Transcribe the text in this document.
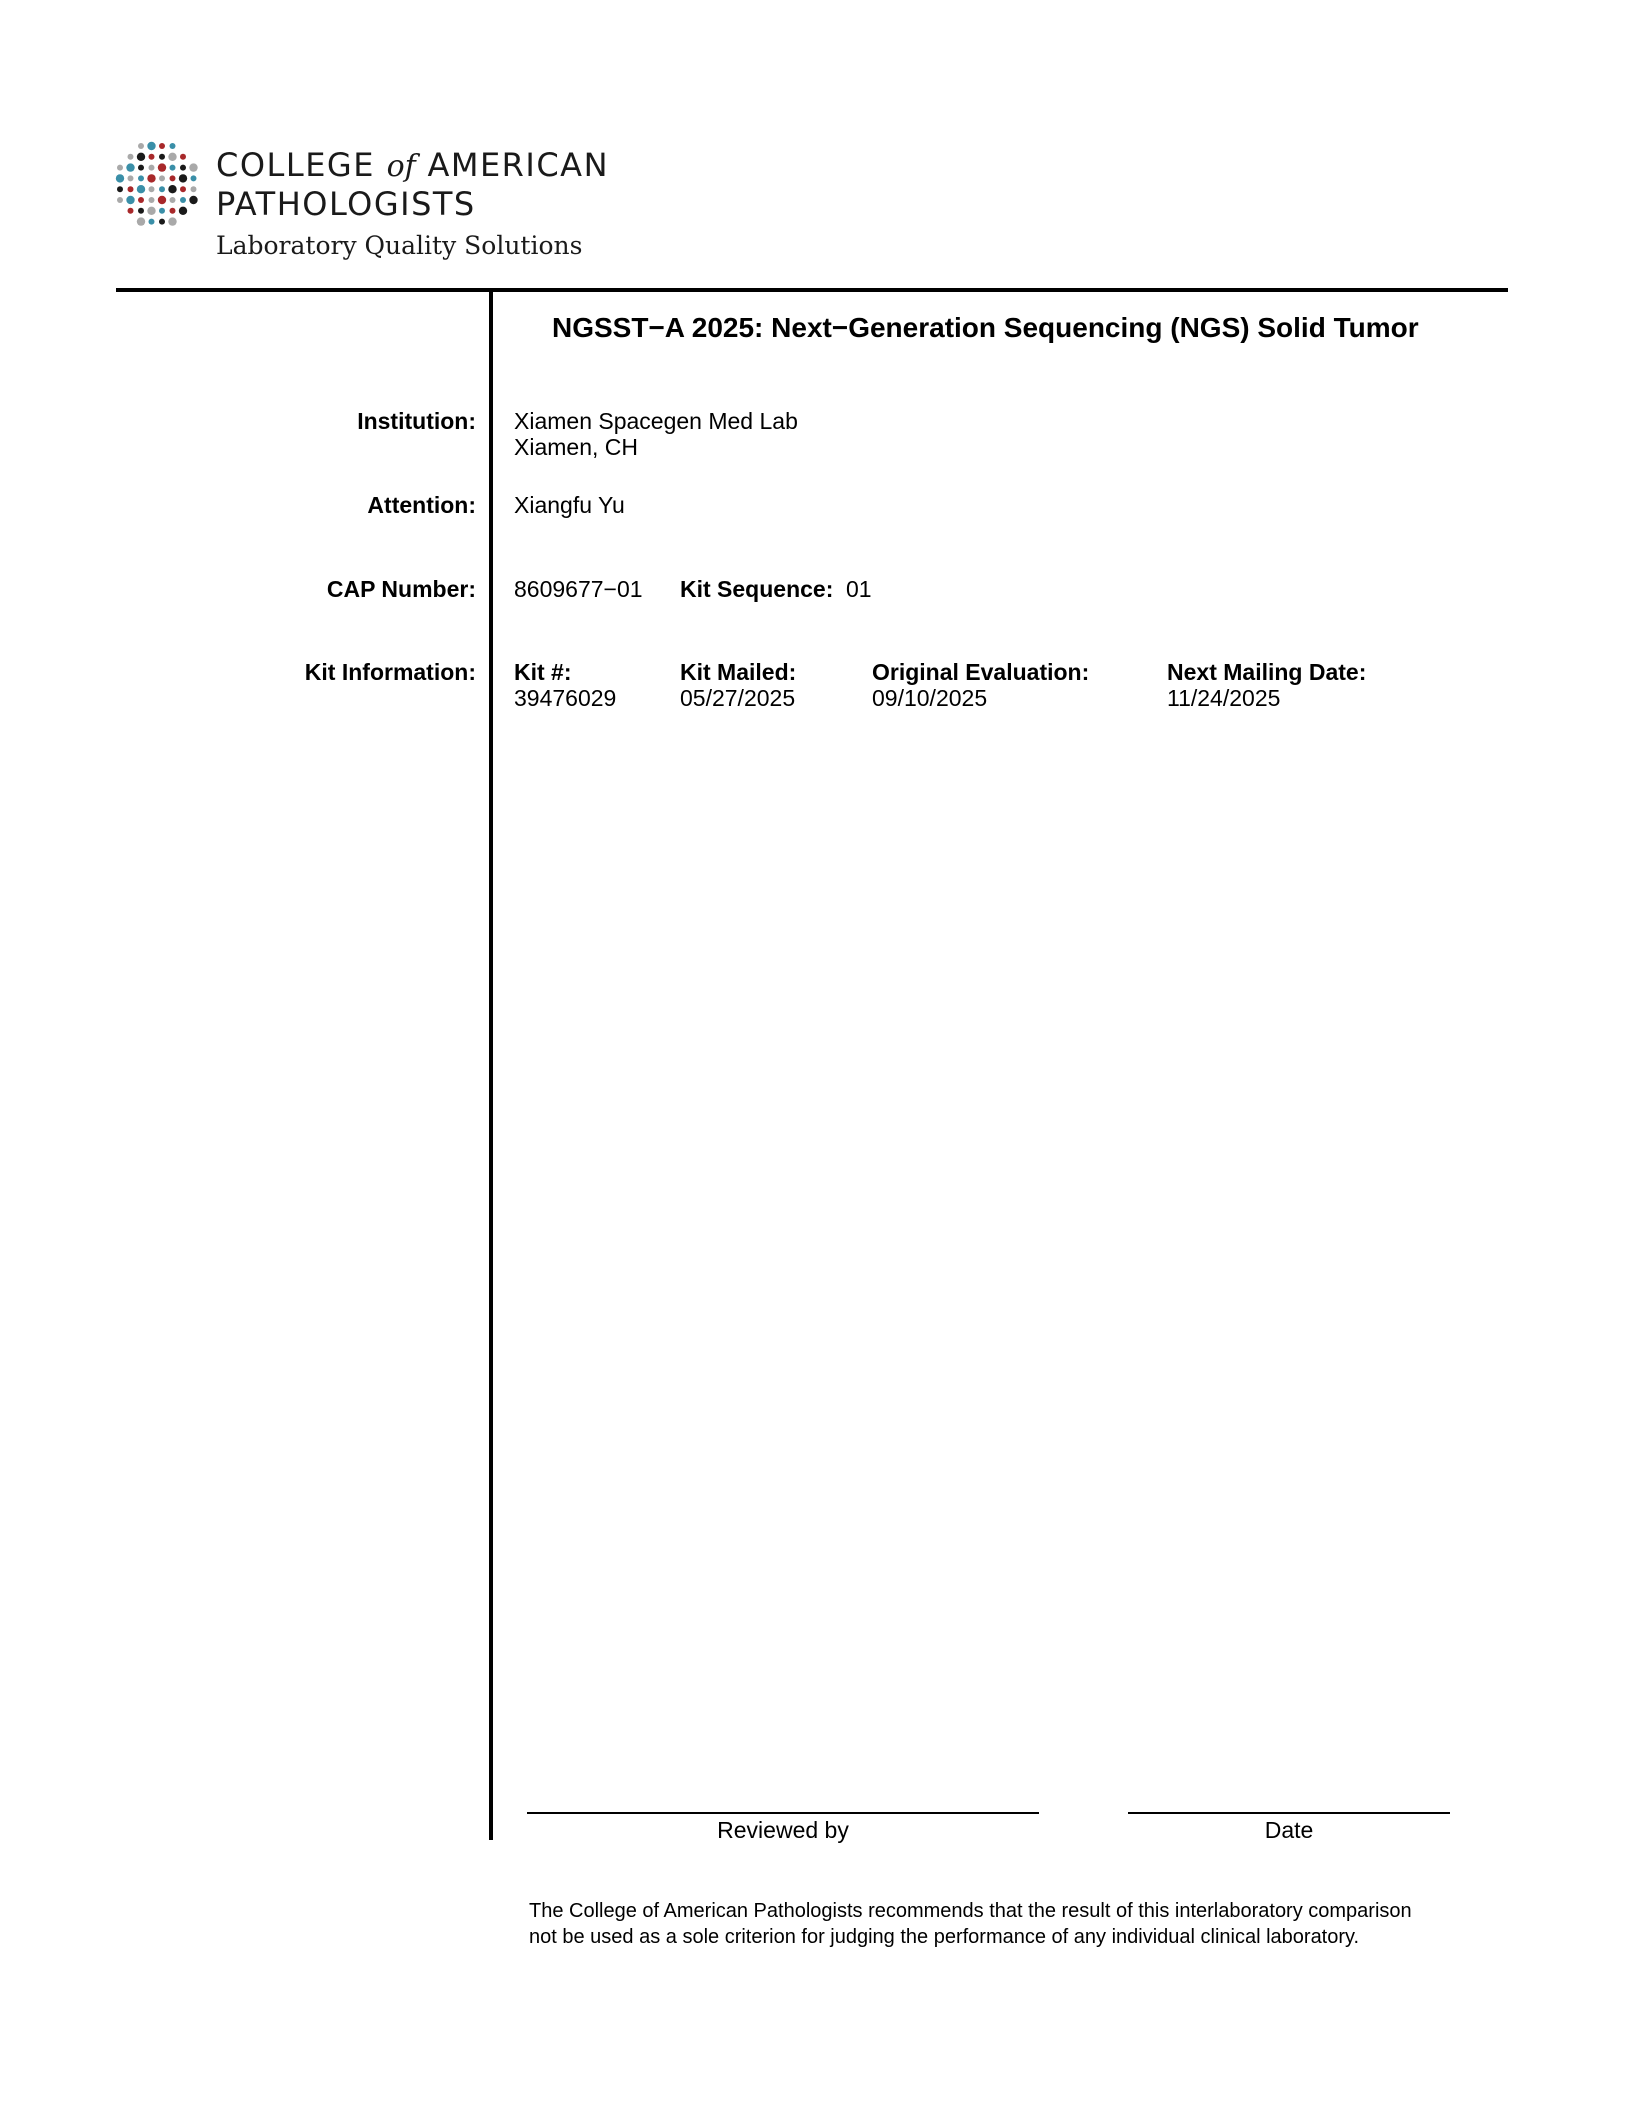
COLLEGE of AMERICAN
PATHOLOGISTS
Laboratory Quality Solutions
NGSST−A 2025: Next−Generation Sequencing (NGS) Solid Tumor
Institution: Xiamen Spacegen Med Lab
Xiamen, CH
Attention: Xiangfu Yu
CAP Number: 8609677−01 Kit Sequence: 01
Kit Information: Kit #:
39476029
Kit Mailed:
05/27/2025
Original Evaluation:
09/10/2025
Next Mailing Date:
11/24/2025
Reviewed by	Date
The College of American Pathologists recommends that the result of this interlaboratory comparison
not be used as a sole criterion for judging the performance of any individual clinical laboratory.
